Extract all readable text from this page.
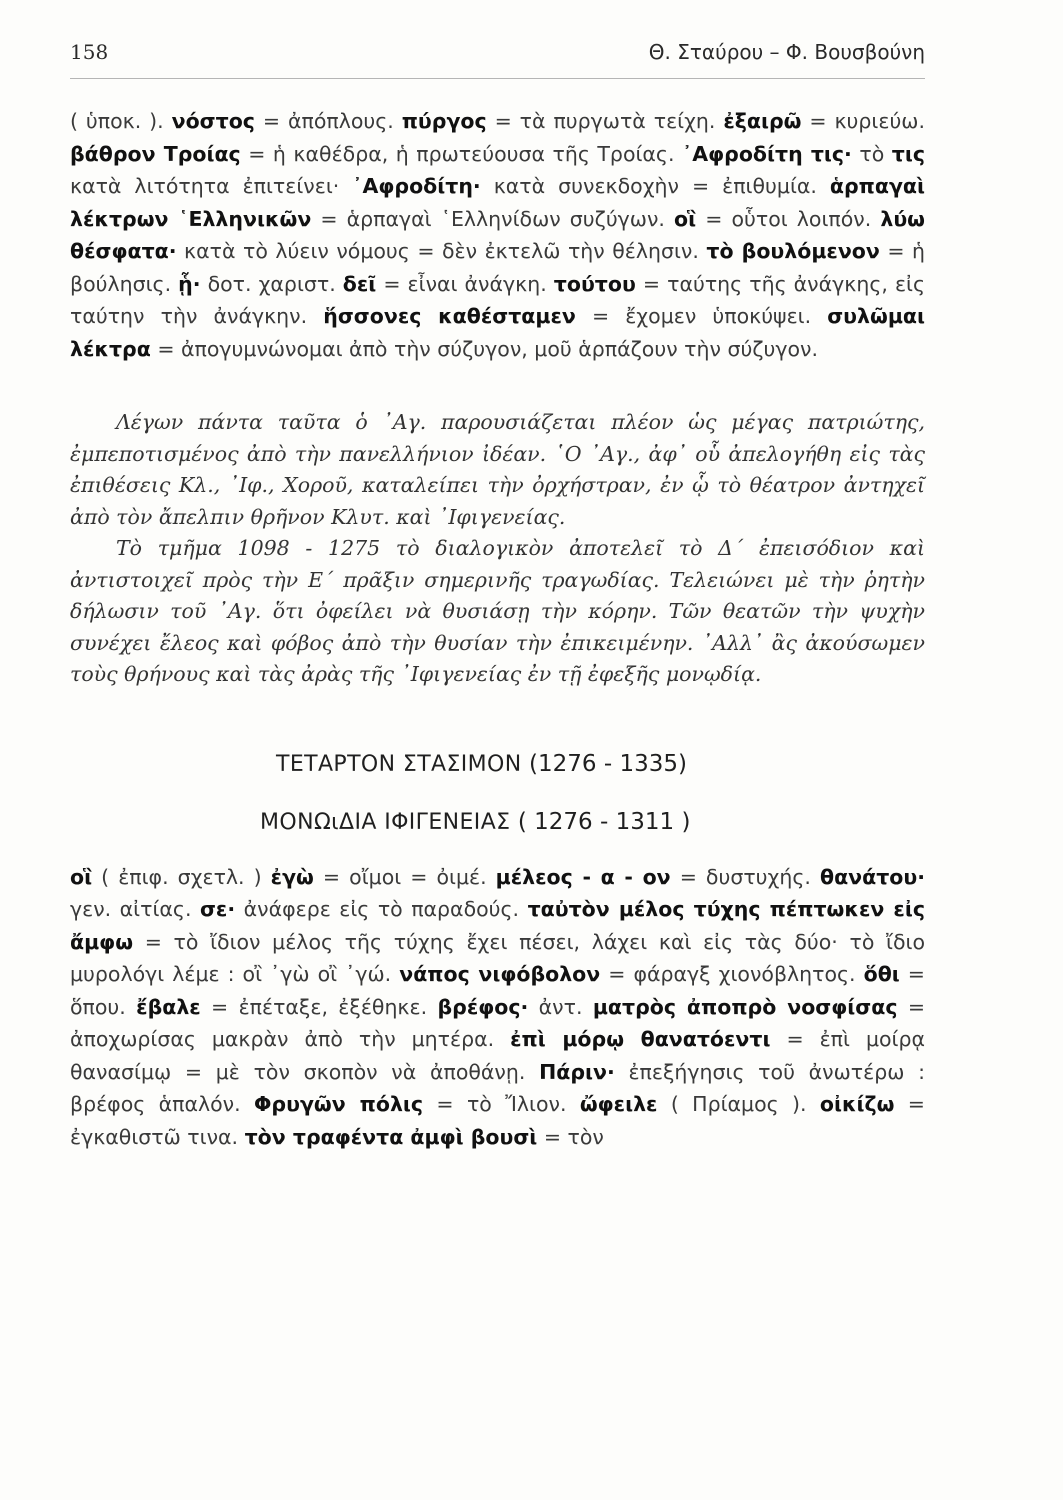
158	Θ. Σταύρου – Φ. Βουσβούνη

( ὑποκ. ). νόστος = ἀπόπλους. πύργος = τὰ πυργωτὰ τείχη. ἐξαιρῶ = κυριεύω. βάθρον Τροίας = ἡ καθέδρα, ἡ πρωτεύουσα τῆς Τροίας. ᾿Αφροδίτη τις· τὸ τις κατὰ λιτότητα ἐπιτείνει· ᾿Αφροδίτη· κατὰ συνεκδοχὴν = ἐπιθυμία. ἁρπαγαὶ λέκτρων ῾Ελληνικῶν = ἁρπαγαὶ ῾Ελληνίδων συζύγων. οἳ = οὗτοι λοιπόν. λύω θέσφατα· κατὰ τὸ λύειν νόμους = δὲν ἐκτελῶ τὴν θέλησιν. τὸ βουλόμενον = ἡ βούλησις. ᾗ· δοτ. χαριστ. δεῖ = εἶναι ἀνάγκη. τούτου = ταύτης τῆς ἀνάγκης, εἰς ταύτην τὴν ἀνάγκην. ἥσσονες καθέσταμεν = ἔχομεν ὑποκύψει. συλῶμαι λέκτρα = ἀπογυμνώνομαι ἀπὸ τὴν σύζυγον, μοῦ ἁρπάζουν τὴν σύζυγον.

Λέγων πάντα ταῦτα ὁ ᾿Αγ. παρουσιάζεται πλέον ὡς μέγας πατριώτης, ἐμπεποτισμένος ἀπὸ τὴν πανελλήνιον ἰδέαν. ῾Ο ᾿Αγ., ἀφ᾿ οὗ ἀπελογήθη εἰς τὰς ἐπιθέσεις Κλ., ᾿Ιφ., Χοροῦ, καταλείπει τὴν ὀρχήστραν, ἐν ᾧ τὸ θέατρον ἀντηχεῖ ἀπὸ τὸν ἄπελπιν θρῆνον Κλυτ. καὶ ᾿Ιφιγενείας.

Τὸ τμῆμα 1098 - 1275 τὸ διαλογικὸν ἀποτελεῖ τὸ Δ΄ ἐπεισόδιον καὶ ἀντιστοιχεῖ πρὸς τὴν Ε΄ πρᾶξιν σημερινῆς τραγωδίας. Τελειώνει μὲ τὴν ῥητὴν δήλωσιν τοῦ ᾿Αγ. ὅτι ὀφείλει νὰ θυσιάσῃ τὴν κόρην. Τῶν θεατῶν τὴν ψυχὴν συνέχει ἔλεος καὶ φόβος ἀπὸ τὴν θυσίαν τὴν ἐπικειμένην. ᾿Αλλ᾿ ἂς ἀκούσωμεν τοὺς θρήνους καὶ τὰς ἀρὰς τῆς ᾿Ιφιγενείας ἐν τῇ ἐφεξῆς μονῳδίᾳ.

ΤΕΤΑΡΤΟΝ ΣΤΑΣΙΜΟΝ (1276 - 1335)
ΜΟΝΩιΔΙΑ ΙΦΙΓΕΝΕΙΑΣ ( 1276 - 1311 )

οἳ ( ἐπιφ. σχετλ. ) ἐγὼ = οἴμοι = ὀιμέ. μέλεος - α - ον = δυστυχής. θανάτου· γεν. αἰτίας. σε· ἀνάφερε εἰς τὸ παραδούς. ταὐτὸν μέλος τύχης πέπτωκεν εἰς ἄμφω = τὸ ἴδιον μέλος τῆς τύχης ἔχει πέσει, λάχει καὶ εἰς τὰς δύο· τὸ ἴδιο μυρολόγι λέμε : οἲ ᾿γὼ οἲ ᾿γώ. νάπος νιφόβολον = φάραγξ χιονόβλητος. ὅθι = ὅπου. ἔβαλε = ἐπέταξε, ἐξέθηκε. βρέφος· ἀντ. ματρὸς ἀποπρὸ νοσφίσας = ἀποχωρίσας μακρὰν ἀπὸ τὴν μητέρα. ἐπὶ μόρῳ θανατόεντι = ἐπὶ μοίρᾳ θανασίμῳ = μὲ τὸν σκοπὸν νὰ ἀποθάνῃ. Πάριν· ἐπεξήγησις τοῦ ἀνωτέρω : βρέφος ἁπαλόν. Φρυγῶν πόλις = τὸ Ἴλιον. ὤφειλε ( Πρίαμος ). οἰκίζω = ἐγκαθιστῶ τινα. τὸν τραφέντα ἀμφὶ βουσὶ = τὸν
